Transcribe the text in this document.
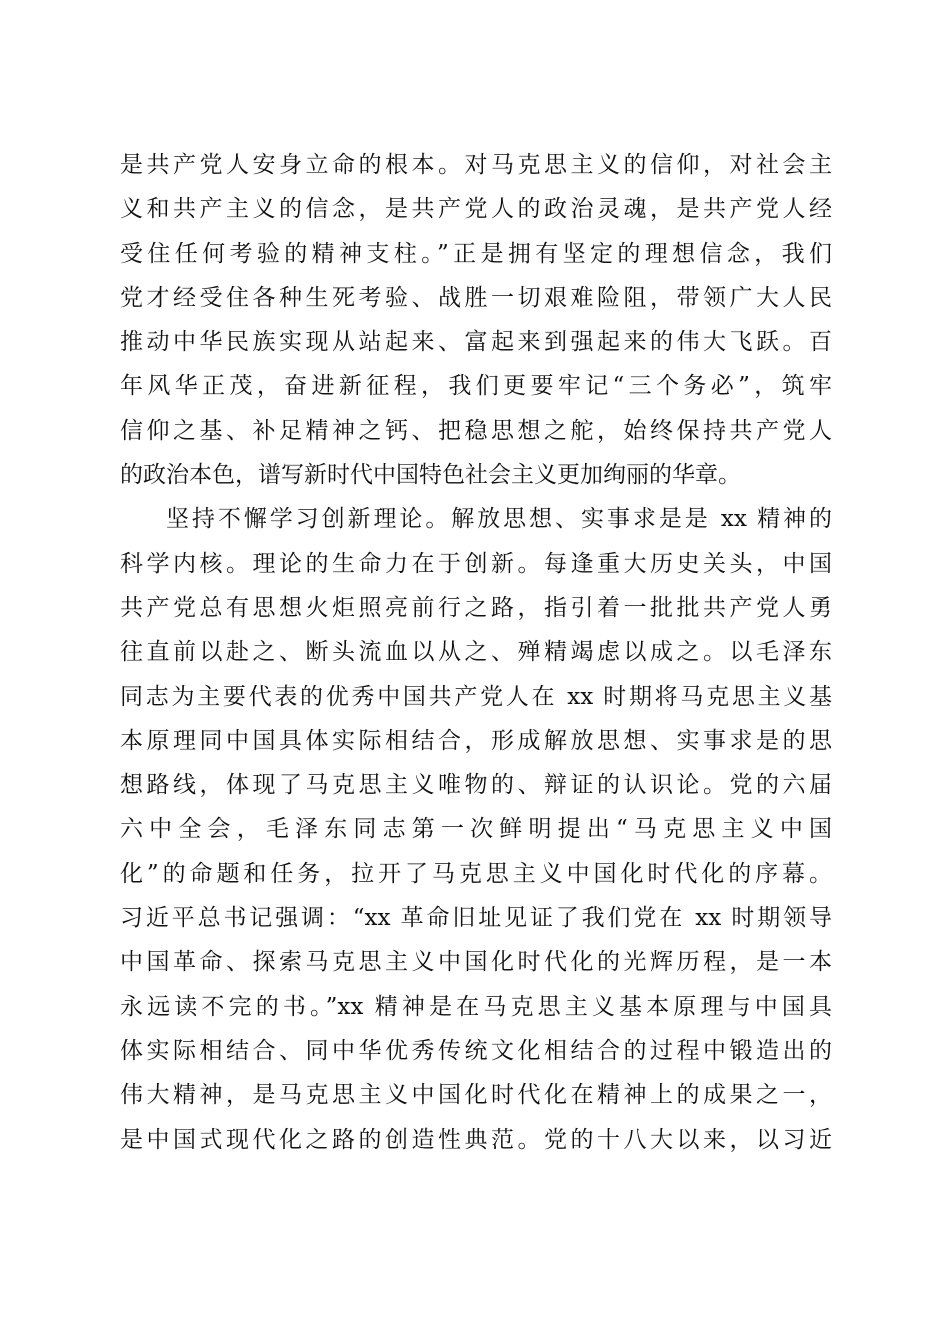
是共产党人安身立命的根本。对马克思主义的信仰，对社会主
义和共产主义的信念，是共产党人的政治灵魂，是共产党人经
受住任何考验的精神支柱。”正是拥有坚定的理想信念，我们
党才经受住各种生死考验、战胜一切艰难险阻，带领广大人民
推动中华民族实现从站起来、富起来到强起来的伟大飞跃。百
年风华正茂，奋进新征程，我们更要牢记“三个务必”，筑牢
信仰之基、补足精神之钙、把稳思想之舵，始终保持共产党人
的政治本色，谱写新时代中国特色社会主义更加绚丽的华章。
坚持不懈学习创新理论。解放思想、实事求是是 xx 精神的
科学内核。理论的生命力在于创新。每逢重大历史关头，中国
共产党总有思想火炬照亮前行之路，指引着一批批共产党人勇
往直前以赴之、断头流血以从之、殚精竭虑以成之。以毛泽东
同志为主要代表的优秀中国共产党人在 xx 时期将马克思主义基
本原理同中国具体实际相结合，形成解放思想、实事求是的思
想路线，体现了马克思主义唯物的、辩证的认识论。党的六届
六中全会，毛泽东同志第一次鲜明提出“马克思主义中国
化”的命题和任务，拉开了马克思主义中国化时代化的序幕。
习近平总书记强调：“xx 革命旧址见证了我们党在 xx 时期领导
中国革命、探索马克思主义中国化时代化的光辉历程，是一本
永远读不完的书。”xx 精神是在马克思主义基本原理与中国具
体实际相结合、同中华优秀传统文化相结合的过程中锻造出的
伟大精神，是马克思主义中国化时代化在精神上的成果之一，
是中国式现代化之路的创造性典范。党的十八大以来，以习近
